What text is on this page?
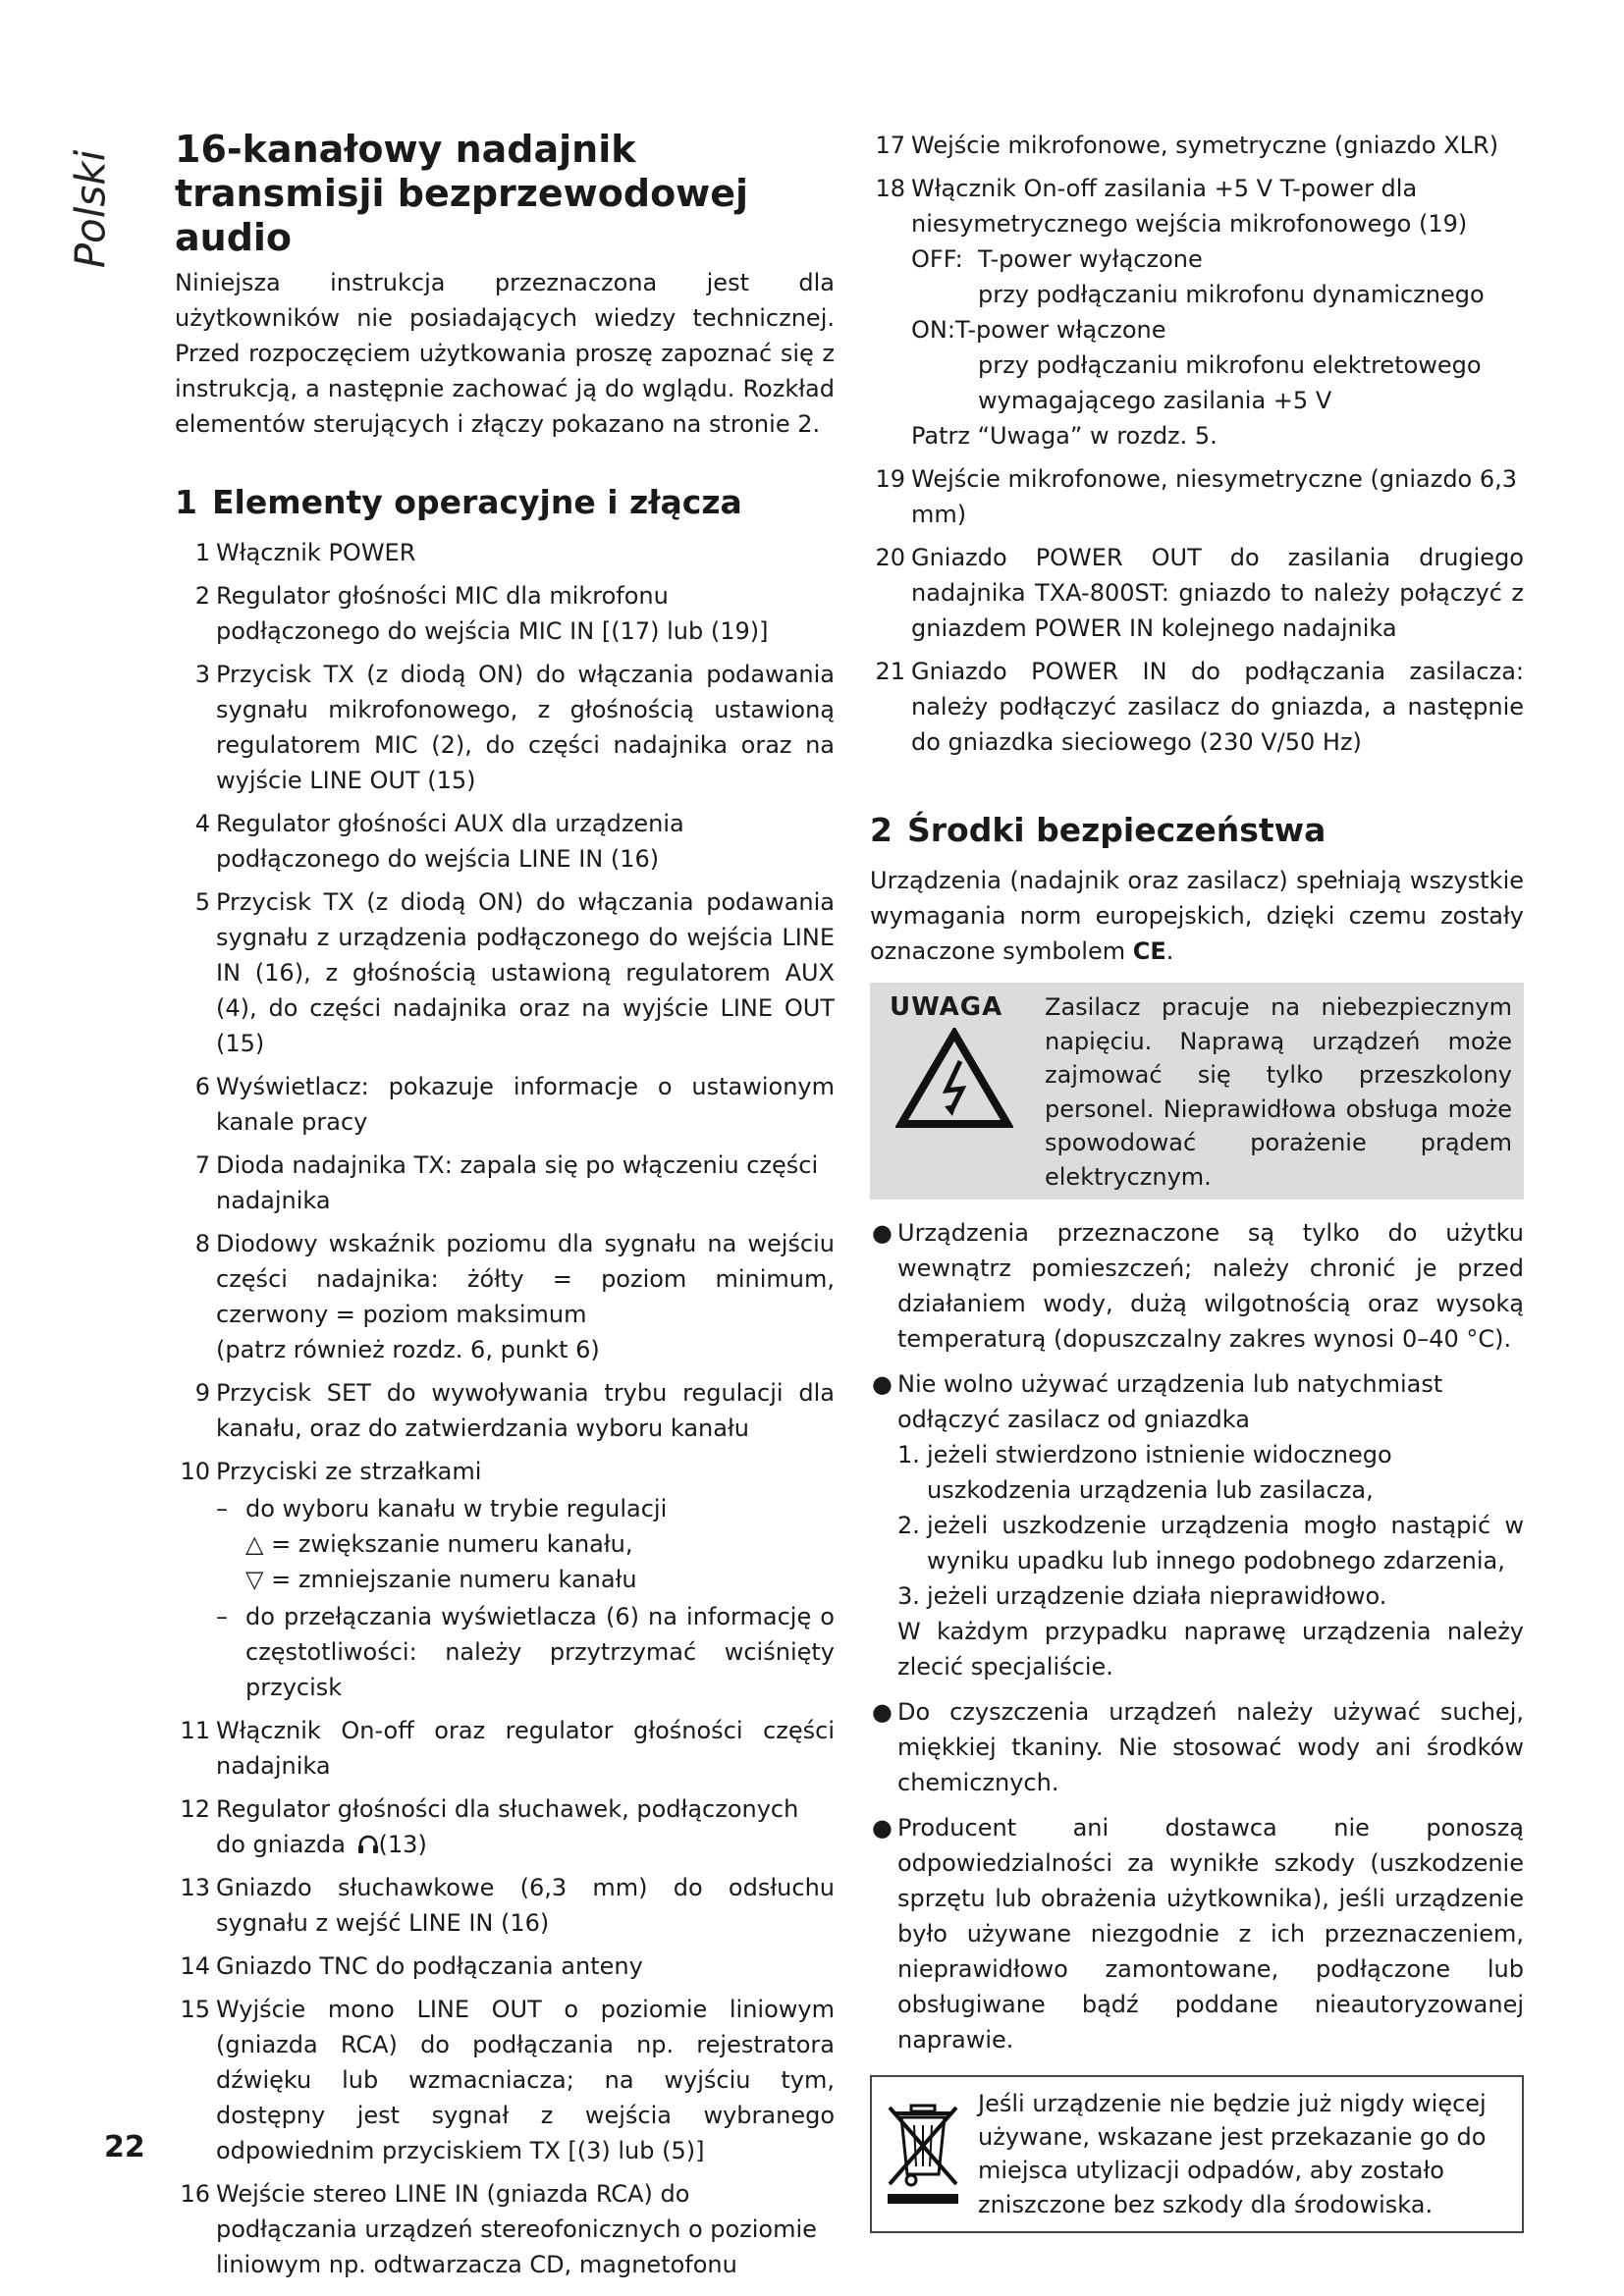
Polski
16-kanałowy nadajnik
transmisji bezprzewodowej audio

Niniejsza instrukcja przeznaczona jest dla użytkowników nie posiadających wiedzy technicznej. Przed rozpoczęciem użytkowania proszę zapoznać się z instrukcją, a następnie zachować ją do wglądu. Rozkład elementów sterujących i złączy pokazano na stronie 2.

1 Elementy operacyjne i złącza
1 Włącznik POWER
2 Regulator głośności MIC dla mikrofonu podłączonego do wejścia MIC IN [(17) lub (19)]
3 Przycisk TX (z diodą ON) do włączania podawania sygnału mikrofonowego, z głośnością ustawioną regulatorem MIC (2), do części nadajnika oraz na wyjście LINE OUT (15)
4 Regulator głośności AUX dla urządzenia podłączonego do wejścia LINE IN (16)
5 Przycisk TX (z diodą ON) do włączania podawania sygnału z urządzenia podłączonego do wejścia LINE IN (16), z głośnością ustawioną regulatorem AUX (4), do części nadajnika oraz na wyjście LINE OUT (15)
6 Wyświetlacz: pokazuje informacje o ustawionym kanale pracy
7 Dioda nadajnika TX: zapala się po włączeniu części nadajnika
8 Diodowy wskaźnik poziomu dla sygnału na wejściu części nadajnika: żółty = poziom minimum, czerwony = poziom maksimum
(patrz również rozdz. 6, punkt 6)
9 Przycisk SET do wywoływania trybu regulacji dla kanału, oraz do zatwierdzania wyboru kanału
10 Przyciski ze strzałkami
– do wyboru kanału w trybie regulacji
△ = zwiększanie numeru kanału,
▽ = zmniejszanie numeru kanału
– do przełączania wyświetlacza (6) na informację o częstotliwości: należy przytrzymać wciśnięty przycisk
11 Włącznik On-off oraz regulator głośności części nadajnika
12 Regulator głośności dla słuchawek, podłączonych do gniazda (13)
13 Gniazdo słuchawkowe (6,3 mm) do odsłuchu sygnału z wejść LINE IN (16)
14 Gniazdo TNC do podłączania anteny
15 Wyjście mono LINE OUT o poziomie liniowym (gniazda RCA) do podłączania np. rejestratora dźwięku lub wzmacniacza; na wyjściu tym, dostępny jest sygnał z wejścia wybranego odpowiednim przyciskiem TX [(3) lub (5)]
16 Wejście stereo LINE IN (gniazda RCA) do podłączania urządzeń stereofonicznych o poziomie liniowym np. odtwarzacza CD, magnetofonu
17 Wejście mikrofonowe, symetryczne (gniazdo XLR)
18 Włącznik On-off zasilania +5 V T-power dla niesymetrycznego wejścia mikrofonowego (19)
OFF: T-power wyłączone
przy podłączaniu mikrofonu dynamicznego
ON:T-power włączone
przy podłączaniu mikrofonu elektretowego wymagającego zasilania +5 V
Patrz “Uwaga” w rozdz. 5.
19 Wejście mikrofonowe, niesymetryczne (gniazdo 6,3 mm)
20 Gniazdo POWER OUT do zasilania drugiego nadajnika TXA-800ST: gniazdo to należy połączyć z gniazdem POWER IN kolejnego nadajnika
21 Gniazdo POWER IN do podłączania zasilacza: należy podłączyć zasilacz do gniazda, a następnie do gniazdka sieciowego (230 V/50 Hz)
2 Środki bezpieczeństwa

Urządzenia (nadajnik oraz zasilacz) spełniają wszystkie wymagania norm europejskich, dzięki czemu zostały oznaczone symbolem CE.

UWAGA	Zasilacz pracuje na niebezpiecznym napięciu. Naprawą urządzeń może zajmować się tylko przeszkolony personel. Nieprawidłowa obsługa może spowodować porażenie prądem elektrycznym.
● Urządzenia przeznaczone są tylko do użytku wewnątrz pomieszczeń; należy chronić je przed działaniem wody, dużą wilgotnością oraz wysoką temperaturą (dopuszczalny zakres wynosi 0–40 °C).
● Nie wolno używać urządzenia lub natychmiast odłączyć zasilacz od gniazdka
1. jeżeli stwierdzono istnienie widocznego uszkodzenia urządzenia lub zasilacza,
2. jeżeli uszkodzenie urządzenia mogło nastąpić w wyniku upadku lub innego podobnego zdarzenia,
3. jeżeli urządzenie działa nieprawidłowo.
W każdym przypadku naprawę urządzenia należy zlecić specjaliście.
● Do czyszczenia urządzeń należy używać suchej, miękkiej tkaniny. Nie stosować wody ani środków chemicznych.
● Producent ani dostawca nie ponoszą odpowiedzialności za wynikłe szkody (uszkodzenie sprzętu lub obrażenia użytkownika), jeśli urządzenie było używane niezgodnie z ich przeznaczeniem, nieprawidłowo zamontowane, podłączone lub obsługiwane bądź poddane nieautoryzowanej naprawie.
Jeśli urządzenie nie będzie już nigdy więcej używane, wskazane jest przekazanie go do miejsca utylizacji odpadów, aby zostało zniszczone bez szkody dla środowiska.
22
